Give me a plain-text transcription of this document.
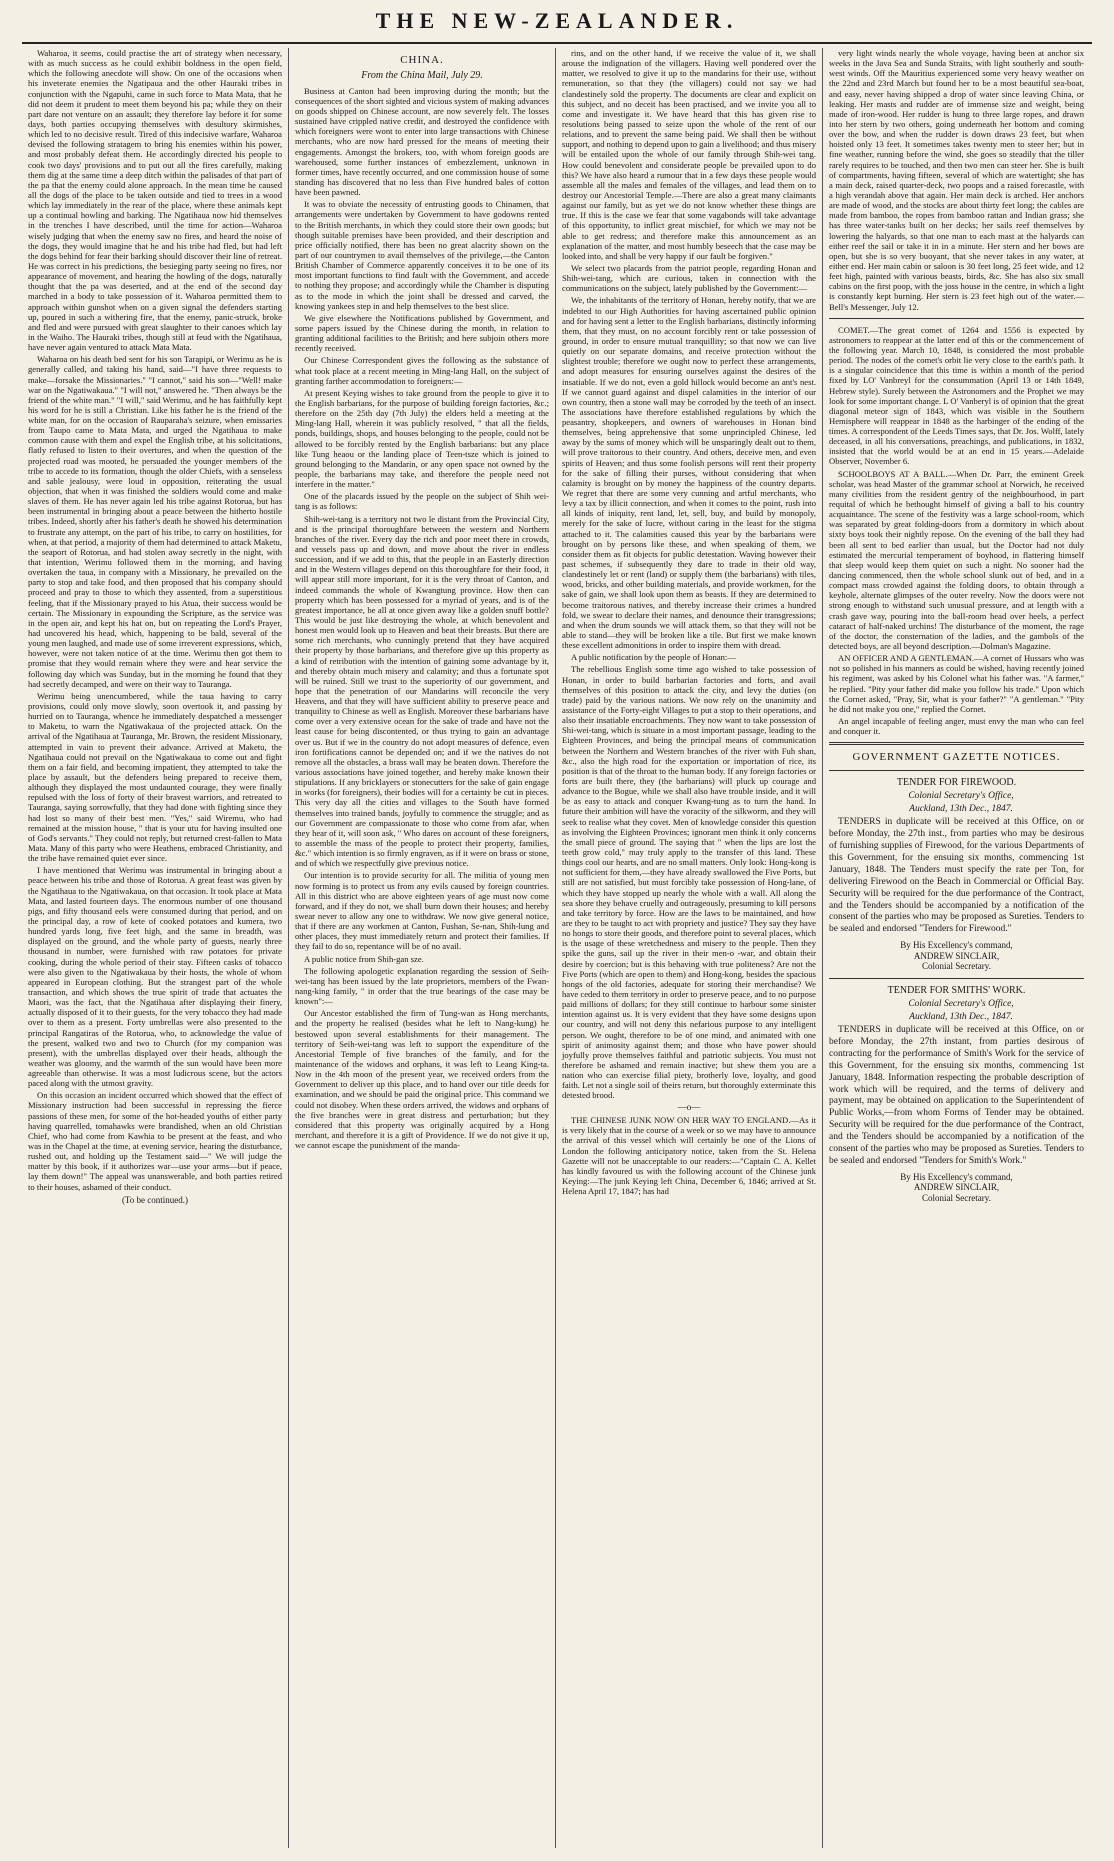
THE NEW-ZEALANDER.

Waharoa, it seems, could practise the art of strategy when necessary, with as much success as he could exhibit boldness in the open field, which the following anecdote will show. On one of the occasions when his inveterate enemies the Ngatipaua and the other Hauraki tribes in conjunction with the Ngapuhi, came in such force to Mata Mata, that he did not deem it prudent to meet them beyond his pa; while they on their part dare not venture on an assault; they therefore lay before it for some days, both parties occupying themselves with desultory skirmishes, which led to no decisive result. Tired of this indecisive warfare, Waharoa devised the following stratagem to bring his enemies within his power, and most probably defeat them. He accordingly directed his people to cook two days' provisions and to put out all the fires carefully, making them dig at the same time a deep ditch within the palisades of that part of the pa that the enemy could alone approach. In the mean time he caused all the dogs of the place to be taken outside and tied to trees in a wood which lay immediately in the rear of the place, where these animals kept up a continual howling and barking. The Ngatihaua now hid themselves in the trenches I have described, until the time for action—Waharoa wisely judging that when the enemy saw no fires, and heard the noise of the dogs, they would imagine that he and his tribe had fled, but had left the dogs behind for fear their barking should discover their line of retreat. He was correct in his predictions, the besieging party seeing no fires, nor appearance of movement, and hearing the howling of the dogs, naturally thought that the pa was deserted, and at the end of the second day marched in a body to take possession of it. Waharoa permitted them to approach within gunshot when on a given signal the defenders starting up, poured in such a withering fire, that the enemy, panic-struck, broke and fled and were pursued with great slaughter to their canoes which lay in the Waiho. The Hauraki tribes, though still at feud with the Ngatihaua, have never again ventured to attack Mata Mata.

Waharoa on his death bed sent for his son Tarapipi, or Werimu as he is generally called, and taking his hand, said—"I have three requests to make—forsake the Missionaries." "I cannot," said his son—"Well! make war on the Ngatiwakaua." "I will not," answered he. "Then always be the friend of the white man." "I will," said Werimu, and he has faithfully kept his word for he is still a Christian. Like his father he is the friend of the white man, for on the occasion of Rauparaha's seizure, when emissaries from Taupo came to Mata Mata, and urged the Ngatihaua to make common cause with them and expel the English tribe, at his solicitations, flatly refused to listen to their overtures, and when the question of the projected road was mooted, he persuaded the younger members of the tribe to accede to its formation, though the older Chiefs, with a senseless and sable jealousy, were loud in opposition, reiterating the usual objection, that when it was finished the soldiers would come and make slaves of them. He has never again led his tribe against Rotorua, but has been instrumental in bringing about a peace between the hitherto hostile tribes. Indeed, shortly after his father's death he showed his determination to frustrate any attempt, on the part of his tribe, to carry on hostilities, for when, at that period, a majority of them had determined to attack Maketu, the seaport of Rotorua, and had stolen away secretly in the night, with that intention, Werimu followed them in the morning, and having overtaken the taua, in company with a Missionary, he prevailed on the party to stop and take food, and then proposed that his company should proceed and pray to those to which they assented, from a superstitious feeling, that if the Missionary prayed to his Atua, their success would be certain. The Missionary in expounding the Scripture, as the service was in the open air, and kept his hat on, but on repeating the Lord's Prayer, had uncovered his head, which, happening to be bald, several of the young men laughed, and made use of some irreverent expressions, which, however, were not taken notice of at the time. Werimu then got them to promise that they would remain where they were and hear service the following day which was Sunday, but in the morning he found that they had secretly decamped, and were on their way to Tauranga.

Werimu being unencumbered, while the taua having to carry provisions, could only move slowly, soon overtook it, and passing by hurried on to Tauranga, whence he immediately despatched a messenger to Maketu, to warn the Ngatiwakaua of the projected attack. On the arrival of the Ngatihaua at Tauranga, Mr. Brown, the resident Missionary, attempted in vain to prevent their advance. Arrived at Maketu, the Ngatihaua could not prevail on the Ngatiwakaua to come out and fight them on a fair field, and becoming impatient, they attempted to take the place by assault, but the defenders being prepared to receive them, although they displayed the most undaunted courage, they were finally repulsed with the loss of forty of their bravest warriors, and retreated to Tauranga, saying sorrowfully, that they had done with fighting since they had lost so many of their best men. "Yes," said Wiremu, who had remained at the mission house, " that is your utu for having insulted one of God's servants." They could not reply, but returned crest-fallen to Mata Mata. Many of this party who were Heathens, embraced Christianity, and the tribe have remained quiet ever since.

I have mentioned that Werimu was instrumental in bringing about a peace between his tribe and those of Rotorua. A great feast was given by the Ngatihaua to the Ngatiwakaua, on that occasion. It took place at Mata Mata, and lasted fourteen days. The enormous number of one thousand pigs, and fifty thousand eels were consumed during that period, and on the principal day, a row of kete of cooked potatoes and kumera, two hundred yards long, five feet high, and the same in breadth, was displayed on the ground, and the whole party of guests, nearly three thousand in number, were furnished with raw potatoes for private cooking, during the whole period of their stay. Fifteen casks of tobacco were also given to the Ngatiwakaua by their hosts, the whole of whom appeared in European clothing. But the strangest part of the whole transaction, and which shows the true spirit of trade that actuates the Maori, was the fact, that the Ngatihaua after displaying their finery, actually disposed of it to their guests, for the very tobacco they had made over to them as a present. Forty umbrellas were also presented to the principal Rangatiras of the Rotorua, who, to acknowledge the value of the present, walked two and two to Church (for my companion was present), with the umbrellas displayed over their heads, although the weather was gloomy, and the warmth of the sun would have been more agreeable than otherwise. It was a most ludicrous scene, but the actors paced along with the utmost gravity.

On this occasion an incident occurred which showed that the effect of Missionary instruction had been successful in repressing the fierce passions of these men, for some of the hot-headed youths of either party having quarrelled, tomahawks were brandished, when an old Christian Chief, who had come from Kawhia to be present at the feast, and who was in the Chapel at the time, at evening service, hearing the disturbance, rushed out, and holding up the Testament said—" We will judge the matter by this book, if it authorizes war—use your arms—but if peace, lay them down!" The appeal was unanswerable, and both parties retired to their houses, ashamed of their conduct.

(To be continued.)
CHINA.
From the China Mail, July 29.

Business at Canton had been improving during the month; but the consequences of the short sighted and vicious system of making advances on goods shipped on Chinese account, are now severely felt. The losses sustained have crippled native credit, and destroyed the confidence with which foreigners were wont to enter into large transactions with Chinese merchants, who are now hard pressed for the means of meeting their engagements. Amongst the brokers, too, with whom foreign goods are warehoused, some further instances of embezzlement, unknown in former times, have recently occurred, and one commission house of some standing has discovered that no less than Five hundred bales of cotton have been pawned.

It was to obviate the necessity of entrusting goods to Chinamen, that arrangements were undertaken by Government to have godowns rented to the British merchants, in which they could store their own goods; but though suitable premises have been provided, and their description and price officially notified, there has been no great alacrity shown on the part of our countrymen to avail themselves of the privilege,—the Canton British Chamber of Commerce apparently conceives it to be one of its most important functions to find fault with the Government, and accede to nothing they propose; and accordingly while the Chamber is disputing as to the mode in which the joint shall be dressed and carved, the knowing yankees step in and help themselves to the best slice.

We give elsewhere the Notifications published by Government, and some papers issued by the Chinese during the month, in relation to granting additional facilities to the British; and here subjoin others more recently received.

Our Chinese Correspondent gives the following as the substance of what took place at a recent meeting in Ming-lang Hall, on the subject of granting farther accommodation to foreigners:—

At present Keying wishes to take ground from the people to give it to the English barbarians, for the purpose of building foreign factories, &c.; therefore on the 25th day (7th July) the elders held a meeting at the Ming-lang Hall, wherein it was publicly resolved, " that all the fields, ponds, buildings, shops, and houses belonging to the people, could not be allowed to be forcibly rented by the English barbarians: but any place like Tung heaou or the landing place of Teen-tsze which is joined to ground belonging to the Mandarin, or any open space not owned by the people, the barbarians may take, and therefore the people need not interfere in the matter."

One of the placards issued by the people on the subject of Shih wei-tang is as follows:

Shih-wei-tang is a territory not two le distant from the Provincial City, and is the principal thoroughfare between the western and Northern branches of the river. Every day the rich and poor meet there in crowds, and vessels pass up and down, and move about the river in endless succession, and if we add to this, that the people in an Easterly direction and in the Western villages depend on this thoroughfare for their food, it will appear still more important, for it is the very throat of Canton, and indeed commands the whole of Kwangtung province. How then can property which has been possessed for a myriad of years, and is of the greatest importance, be all at once given away like a golden snuff bottle? This would be just like destroying the whole, at which benevolent and honest men would look up to Heaven and beat their breasts. But there are some rich merchants, who cunningly pretend that they have acquired their property by those barbarians, and therefore give up this property as a kind of retribution with the intention of gaining some advantage by it, and thereby obtain much misery and calamity; and thus a fortunate spot will be ruined. Still we trust to the superiority of our government, and hope that the penetration of our Mandarins will reconcile the very Heavens, and that they will have sufficient ability to preserve peace and tranquility to Chinese as well as English. Moreover these barbarians have come over a very extensive ocean for the sake of trade and have not the least cause for being discontented, or thus trying to gain an advantage over us. But if we in the country do not adopt measures of defence, even iron fortifications cannot be depended on; and if we the natives do not remove all the obstacles, a brass wall may be beaten down. Therefore the various associations have joined together, and hereby make known their stipulations. If any bricklayers or stonecutters for the sake of gain engage in works (for foreigners), their bodies will for a certainty be cut in pieces. This very day all the cities and villages to the South have formed themselves into trained bands, joyfully to commence the struggle; and as our Government are compassionate to those who come from afar, when they hear of it, will soon ask, " Who dares on account of these foreigners, to assemble the mass of the people to protect their property, families, &c." which intention is so firmly engraven, as if it were on brass or stone, and of which we respectfully give previous notice.

Our intention is to provide security for all. The militia of young men now forming is to protect us from any evils caused by foreign countries. All in this district who are above eighteen years of age must now come forward, and if they do not, we shall burn down their houses; and hereby swear never to allow any one to withdraw. We now give general notice, that if there are any workmen at Canton, Fushan, Se-nan, Shih-lung and other places, they must immediately return and protect their families. If they fail to do so, repentance will be of no avail.

A public notice from Shih-gan sze.

The following apologetic explanation regarding the session of Seih-wei-tang has been issued by the late proprietors, members of the Fwan-nang-king family, " in order that the true bearings of the case may be known":—

Our Ancestor established the firm of Tung-wan as Hong merchants, and the property he realised (besides what he left to Nang-kung) he bestowed upon several establishments for their management. The territory of Seih-wei-tang was left to support the expenditure of the Ancestorial Temple of five branches of the family, and for the maintenance of the widows and orphans, it was left to Leang King-ta. Now in the 4th moon of the present year, we received orders from the Government to deliver up this place, and to hand over our title deeds for examination, and we should be paid the original price. This command we could not disobey. When these orders arrived, the widows and orphans of the five branches were in great distress and perturbation; but they considered that this property was originally acquired by a Hong merchant, and therefore it is a gift of Providence. If we do not give it up, we cannot escape the punishment of the manda-

rins, and on the other hand, if we receive the value of it, we shall arouse the indignation of the villagers. Having well pondered over the matter, we resolved to give it up to the mandarins for their use, without remuneration, so that they (the villagers) could not say we had clandestinely sold the property. The documents are clear and explicit on this subject, and no deceit has been practised, and we invite you all to come and investigate it. We have heard that this has given rise to resolutions being passed to seize upon the whole of the rent of our relations, and to prevent the same being paid. We shall then be without support, and nothing to depend upon to gain a livelihood; and thus misery will be entailed upon the whole of our family through Shih-wei tang. How could benevolent and considerate people be prevailed upon to do this? We have also heard a rumour that in a few days these people would assemble all the males and females of the villages, and lead them on to destroy our Ancestorial Temple.—There are also a great many claimants against our family, but as yet we do not know whether these things are true. If this is the case we fear that some vagabonds will take advantage of this opportunity, to inflict great mischief, for which we may not be able to get redress; and therefore make this announcement as an explanation of the matter, and most humbly beseech that the case may be looked into, and shall be very happy if our fault be forgiven."

We select two placards from the patriot people, regarding Honan and Shih-wei-tang, which are curious, taken in connection with the communications on the subject, lately published by the Government:—

We, the inhabitants of the territory of Honan, hereby notify, that we are indebted to our High Authorities for having ascertained public opinion and for having sent a letter to the English barbarians, distinctly informing them, that they must, on no account forcibly rent or take possession of ground, in order to ensure mutual tranquillity; so that now we can live quietly on our separate domains, and receive protection without the slightest trouble; therefore we ought now to perfect these arrangements, and adopt measures for ensuring ourselves against the desires of the insatiable. If we do not, even a gold hillock would become an ant's nest. If we cannot guard against and dispel calamities in the interior of our own country, then a stone wall may be corroded by the teeth of an insect. The associations have therefore established regulations by which the peasantry, shopkeepers, and owners of warehouses in Honan bind themselves, being apprehensive that some unprincipled Chinese, led away by the sums of money which will be unsparingly dealt out to them, will prove traitorous to their country. And others, deceive men, and even spirits of Heaven; and thus some foolish persons will rent their property for the sake of filling their purses, without considering that when calamity is brought on by money the happiness of the country departs. We regret that there are some very cunning and artful merchants, who levy a tax by illicit connection, and when it comes to the point, rush into all kinds of iniquity, rent land, let, sell, buy, and build by monopoly, merely for the sake of lucre, without caring in the least for the stigma attached to it. The calamities caused this year by the barbarians were brought on by persons like these, and when speaking of them, we consider them as fit objects for public detestation. Waving however their past schemes, if subsequently they dare to trade in their old way, clandestinely let or rent (land) or supply them (the barbarians) with tiles, wood, bricks, and other building materials, and provide workmen, for the sake of gain, we shall look upon them as beasts. If they are determined to become traitorous natives, and thereby increase their crimes a hundred fold, we swear to declare their names, and denounce their transgressions; and when the drum sounds we will attack them, so that they will not be able to stand—they will be broken like a tile. But first we make known these excellent admonitions in order to inspire them with dread.

A public notification by the people of Honan:—

The rebellious English some time ago wished to take possession of Honan, in order to build barbarian factories and forts, and avail themselves of this position to attack the city, and levy the duties (on trade) paid by the various nations. We now rely on the unanimity and assistance of the Forty-eight Villages to put a stop to their operations, and also their insatiable encroachments. They now want to take possession of Shi-wei-tang, which is situate in a most important passage, leading to the Eighteen Provinces, and being the principal means of communication between the Northern and Western branches of the river with Fuh shan, &c., also the high road for the exportation or importation of rice, its position is that of the throat to the human body. If any foreign factories or forts are built there, they (the barbarians) will pluck up courage and advance to the Bogue, while we shall also have trouble inside, and it will be as easy to attack and conquer Kwang-tung as to turn the hand. In future their ambition will have the voracity of the silkworm, and they will seek to realise what they covet. Men of knowledge consider this question as involving the Eighteen Provinces; ignorant men think it only concerns the small piece of ground. The saying that " when the lips are lost the teeth grow cold," may truly apply to the transfer of this land. These things cool our hearts, and are no small matters. Only look: Hong-kong is not sufficient for them,—they have already swallowed the Five Ports, but still are not satisfied, but must forcibly take possession of Hong-lane, of which they have stopped up nearly the whole with a wall. All along the sea shore they behave cruelly and outrageously, presuming to kill persons and take territory by force. How are the laws to be maintained, and how are they to be taught to act with propriety and justice? They say they have no hongs to store their goods, and therefore point to several places, which is the usage of these wretchedness and misery to the people. Then they spike the guns, sail up the river in their men-o -war, and obtain their desire by coercion; but is this behaving with true politeness? Are not the Five Ports (which are open to them) and Hong-kong, besides the spacious hongs of the old factories, adequate for storing their merchandise? We have ceded to them territory in order to preserve peace, and to no purpose paid millions of dollars; for they still continue to harbour some sinister intention against us. It is very evident that they have some designs upon our country, and will not deny this nefarious purpose to any intelligent person. We ought, therefore to be of one mind, and animated with one spirit of animosity against them; and those who have power should joyfully prove themselves faithful and patriotic subjects. You must not therefore be ashamed and remain inactive; but shew them you are a nation who can exercise filial piety, brotherly love, loyalty, and good faith. Let not a single soil of theirs return, but thoroughly exterminate this detested brood.

—o—

THE CHINESE JUNK NOW ON HER WAY TO ENGLAND.—As it is very likely that in the course of a week or so we may have to announce the arrival of this vessel which will certainly be one of the Lions of London the following anticipatory notice, taken from the St. Helena Gazette will not be unacceptable to our readers:—"Captain C. A. Kellet has kindly favoured us with the following account of the Chinese junk Keying:—The junk Keying left China, December 6, 1846; arrived at St. Helena April 17, 1847; has had

very light winds nearly the whole voyage, having been at anchor six weeks in the Java Sea and Sunda Straits, with light southerly and south-west winds. Off the Mauritius experienced some very heavy weather on the 22nd and 23rd March but found her to be a most beautiful sea-boat, and easy, never having shipped a drop of water since leaving China, or leaking. Her masts and rudder are of immense size and weight, being made of iron-wood. Her rudder is hung to three large ropes, and drawn into her stern by two others, going underneath her bottom and coming over the bow, and when the rudder is down draws 23 feet, but when hoisted only 13 feet. It sometimes takes twenty men to steer her; but in fine weather, running before the wind, she goes so steadily that the tiller rarely requires to be touched, and then two men can steer her. She is built of compartments, having fifteen, several of which are watertight; she has a main deck, raised quarter-deck, two poops and a raised forecastle, with a high verandah above that again. Her main deck is arched. Her anchors are made of wood, and the stocks are about thirty feet long; the cables are made from bamboo, the ropes from bamboo rattan and Indian grass; she has three water-tanks built on her decks; her sails reef themselves by lowering the halyards, so that one man to each mast at the halyards can either reef the sail or take it in in a minute. Her stern and her bows are open, but she is so very buoyant, that she never takes in any water, at either end. Her main cabin or saloon is 30 feet long, 25 feet wide, and 12 feet high, painted with various beasts, birds, &c. She has also six small cabins on the first poop, with the joss house in the centre, in which a light is constantly kept burning. Her stern is 23 feet high out of the water.—Bell's Messenger, July 12.

COMET.—The great comet of 1264 and 1556 is expected by astronomers to reappear at the latter end of this or the commencement of the following year. March 10, 1848, is considered the most probable period. The nodes of the comet's orbit lie very close to the earth's path. It is a singular coincidence that this time is within a month of the period fixed by LO' Vanbreyl for the consummation (April 13 or 14th 1849, Hebrew style). Surely between the Astronomers and the Prophet we may look for some important change. L O' Vanberyl is of opinion that the great diagonal meteor sign of 1843, which was visible in the Southern Hemisphere will reappear in 1848 as the harbinger of the ending of the times. A correspondent of the Leeds Times says, that Dr. Jos. Wolff, lately deceased, in all his conversations, preachings, and publications, in 1832, insisted that the world would be at an end in 15 years.—Adelaide Observer, November 6.

SCHOOLBOYS AT A BALL.—When Dr. Parr, the eminent Greek scholar, was head Master of the grammar school at Norwich, he received many civilities from the resident gentry of the neighbourhood, in part requital of which he bethought himself of giving a ball to his country acquaintance. The scene of the festivity was a large school-room, which was separated by great folding-doors from a dormitory in which about sixty boys took their nightly repose. On the evening of the ball they had been all sent to bed earlier than usual, but the Doctor had not duly estimated the mercurial temperament of boyhood, in flattering himself that sleep would keep them quiet on such a night. No sooner had the dancing commenced, then the whole school slunk out of bed, and in a compact mass crowded against the folding doors, to obtain through a keyhole, alternate glimpses of the outer revelry. Now the doors were not strong enough to withstand such unusual pressure, and at length with a crash gave way, pouring into the ball-room head over heels, a perfect cataract of half-naked urchins! The disturbance of the moment, the rage of the doctor, the consternation of the ladies, and the gambols of the detected boys, are all beyond description.—Dolman's Magazine.

AN OFFICER AND A GENTLEMAN.—A cornet of Hussars who was not so polished in his manners as could be wished, having recently joined his regiment, was asked by his Colonel what his father was. "A farmer," he replied. "Pity your father did make you follow his trade." Upon which the Cornet asked, "Pray, Sir, what is your father?" "A gentleman." "Pity he did not make you one," replied the Cornet.

An angel incapable of feeling anger, must envy the man who can feel and conquer it.

GOVERNMENT GAZETTE NOTICES.
TENDER FOR FIREWOOD.

Colonial Secretary's Office,

Auckland, 13th Dec., 1847.

TENDERS in duplicate will be received at this Office, on or before Monday, the 27th inst., from parties who may be desirous of furnishing supplies of Firewood, for the various Departments of this Government, for the ensuing six months, commencing 1st January, 1848. The Tenders must specify the rate per Ton, for delivering Firewood on the Beach in Commercial or Official Bay. Security will be required for the due performance of the Contract, and the Tenders should be accompanied by a notification of the consent of the parties who may be proposed as Sureties. Tenders to be sealed and endorsed "Tenders for Firewood."

By His Excellency's command,
ANDREW SINCLAIR,
Colonial Secretary.
TENDER FOR SMITHS' WORK.

Colonial Secretary's Office,

Auckland, 13th Dec., 1847.

TENDERS in duplicate will be received at this Office, on or before Monday, the 27th instant, from parties desirous of contracting for the performance of Smith's Work for the service of this Government, for the ensuing six months, commencing 1st January, 1848. Information respecting the probable description of work which will be required, and the terms of delivery and payment, may be obtained on application to the Superintendent of Public Works,—from whom Forms of Tender may be obtained. Security will be required for the due performance of the Contract, and the Tenders should be accompanied by a notification of the consent of the parties who may be proposed as Sureties. Tenders to be sealed and endorsed "Tenders for Smith's Work."

By His Excellency's command,
ANDREW SINCLAIR,
Colonial Secretary.
